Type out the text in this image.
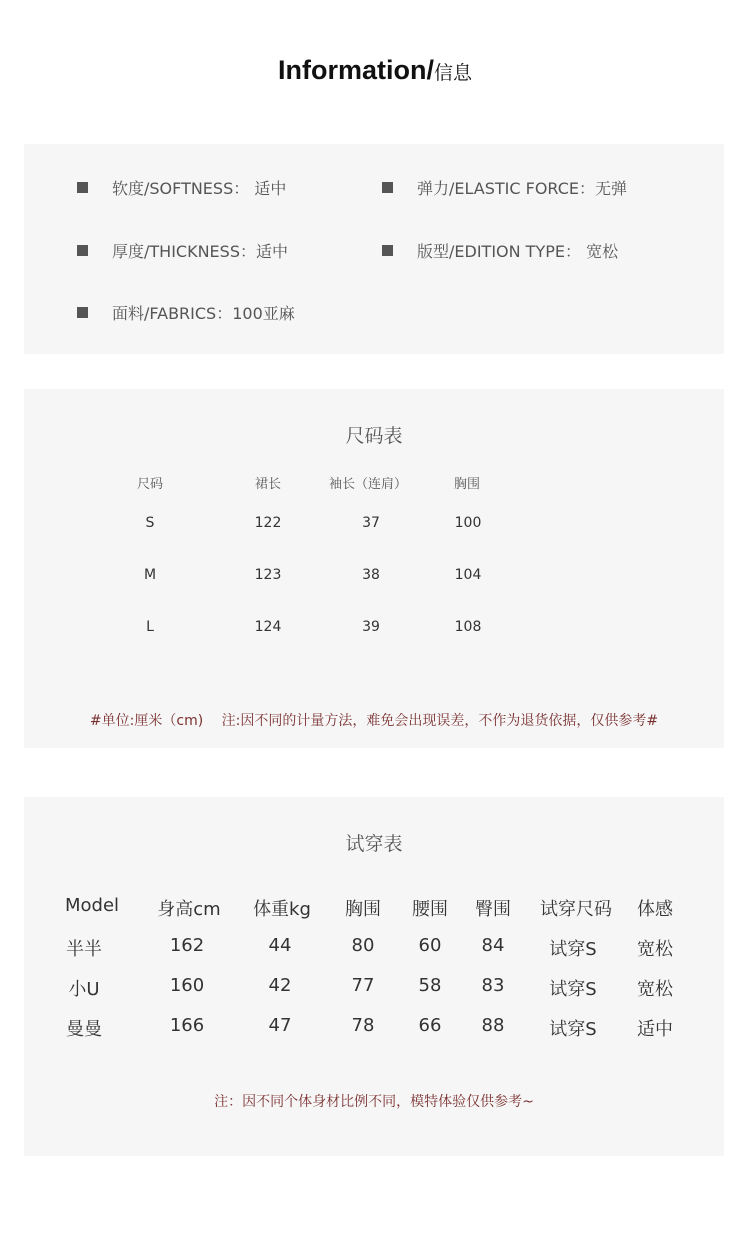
Information/信息
软度/SOFTNESS： 适中	弹力/ELASTIC FORCE：无弹
厚度/THICKNESS：适中	版型/EDITION TYPE： 宽松
面料/FABRICS：100亚麻
尺码表
尺码	裙长	袖长（连肩）	胸围
S	122	37	100
M	123	38	104
L	124	39	108
#单位:厘米（cm)　 注:因不同的计量方法，难免会出现误差，不作为退货依据，仅供参考#
试穿表
Model	身高cm	体重kg	胸围	腰围	臀围	试穿尺码	体感
半半	162	44	80	60	84	试穿S	宽松
小U	160	42	77	58	83	试穿S	宽松
曼曼	166	47	78	66	88	试穿S	适中
注：因不同个体身材比例不同，模特体验仅供参考~
